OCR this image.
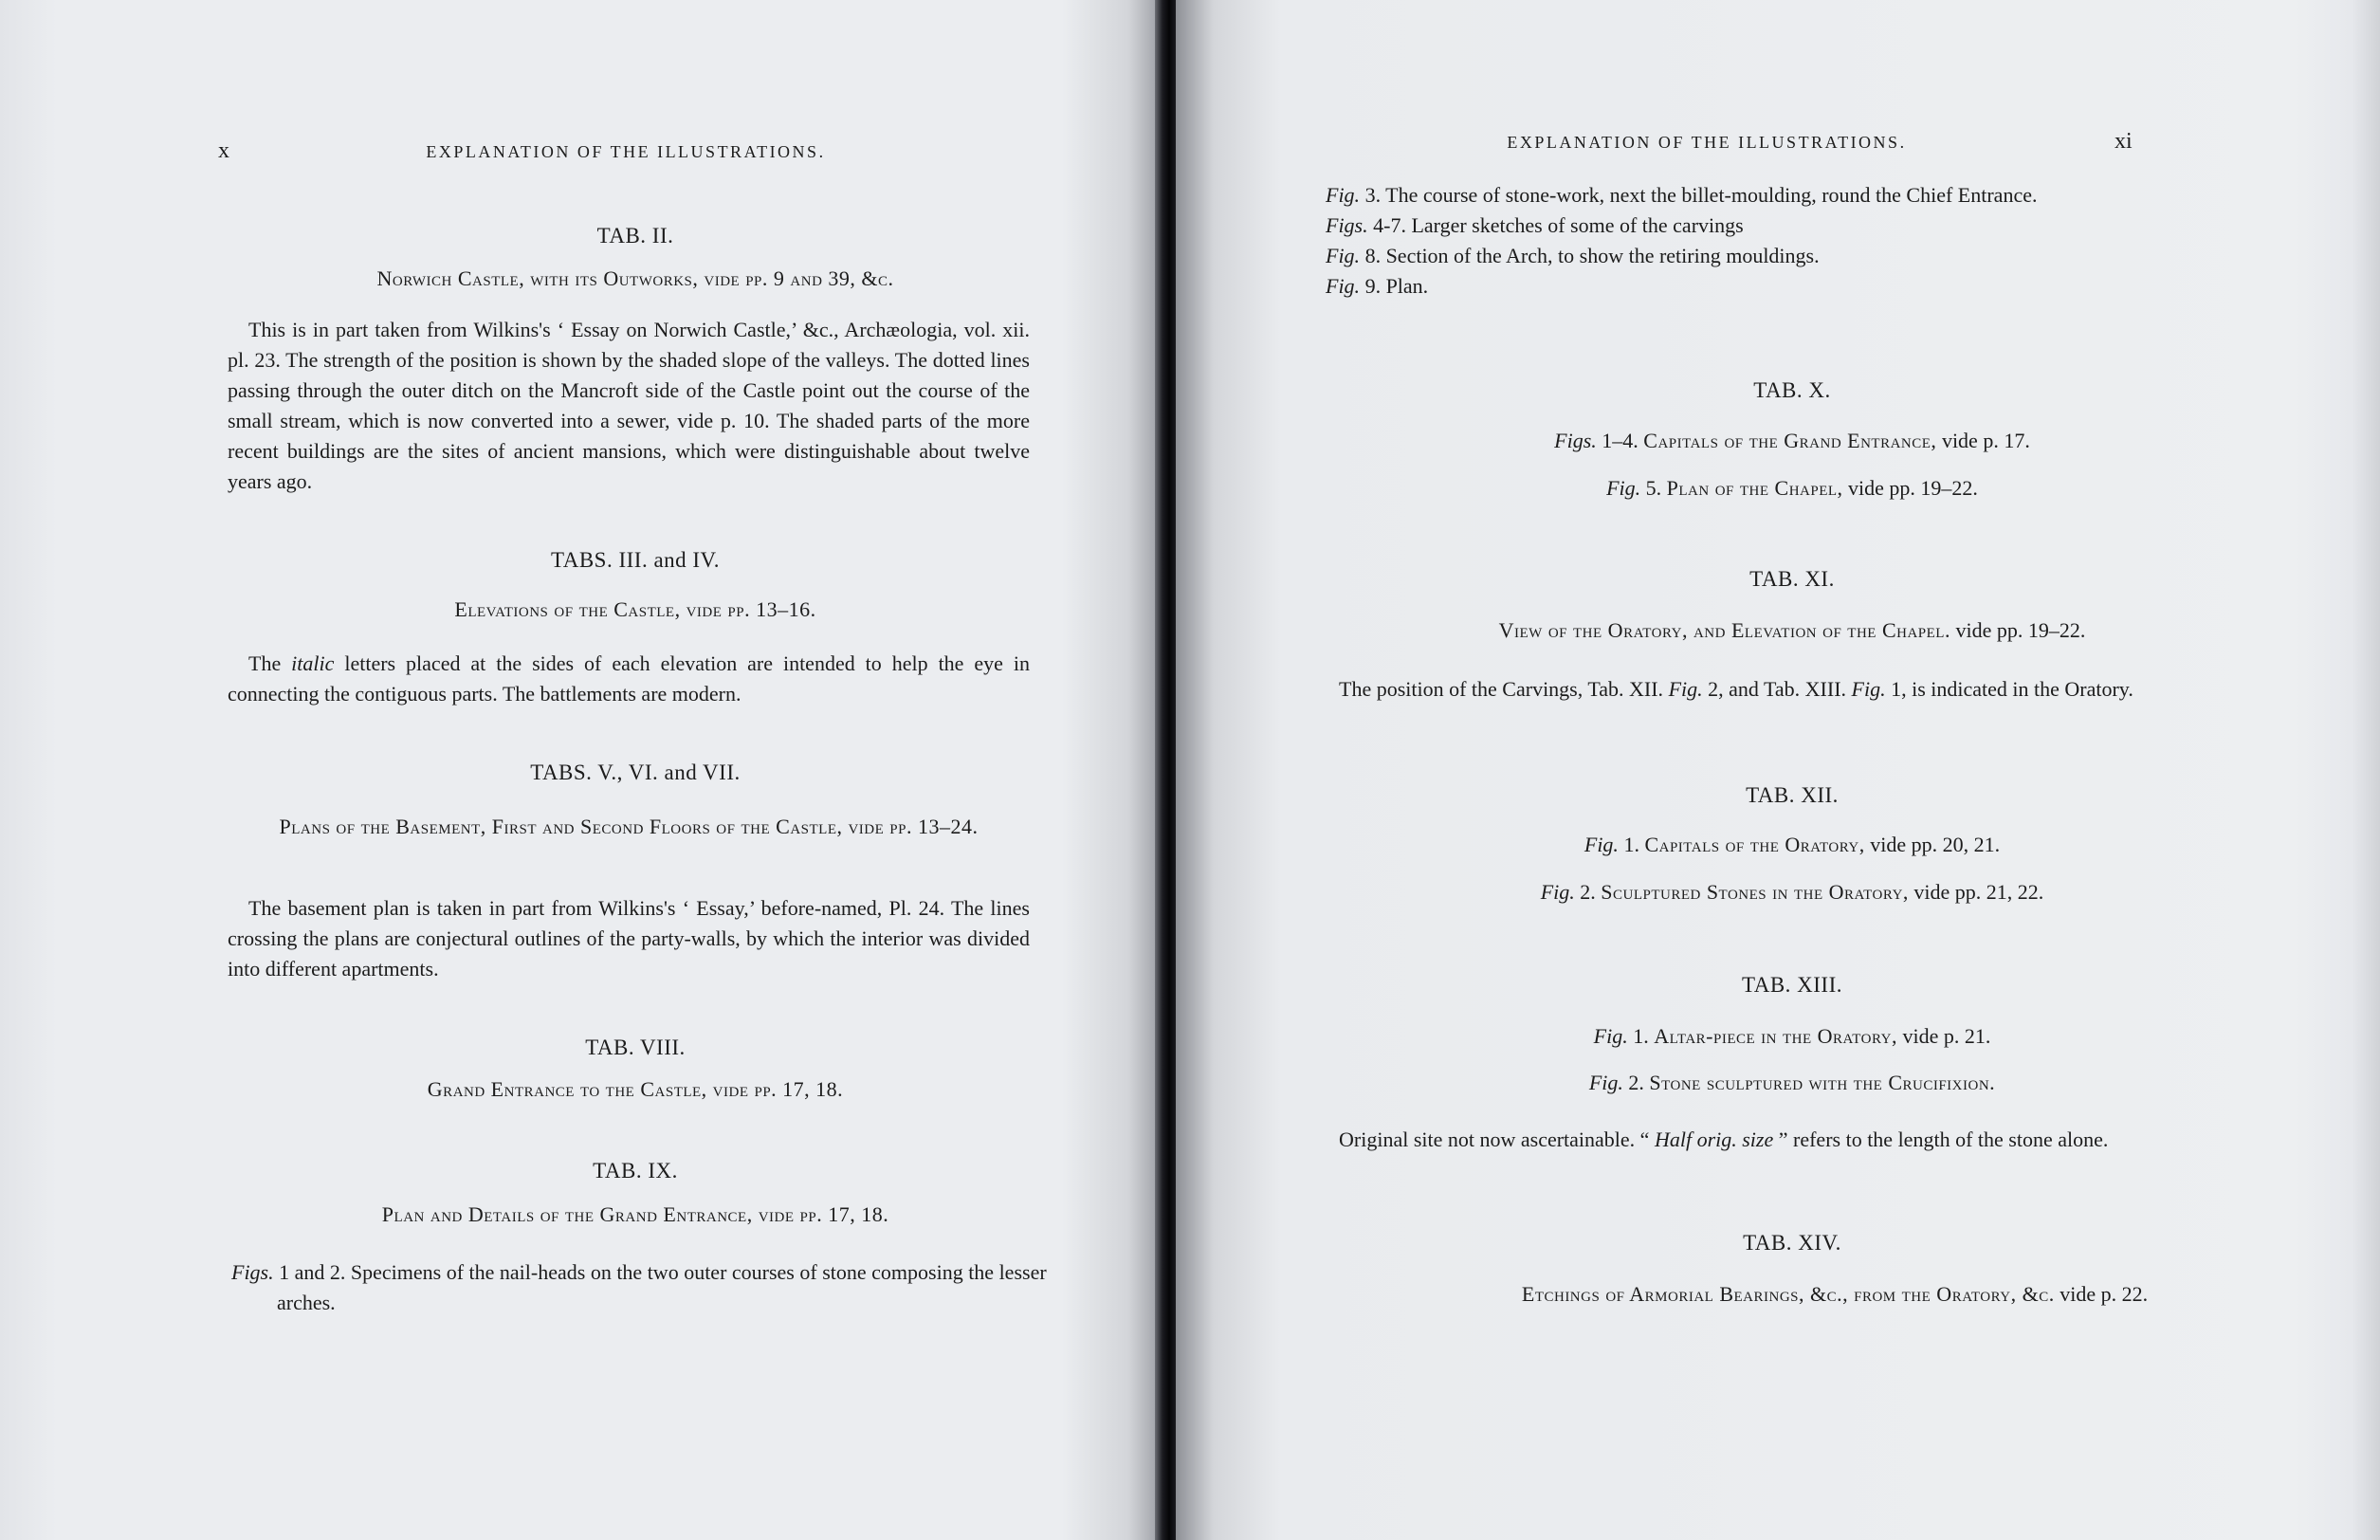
x	EXPLANATION OF THE ILLUSTRATIONS.
TAB. II.
Norwich Castle, with its Outworks, vide pp. 9 and 39, &c.
This is in part taken from Wilkins's ‘ Essay on Norwich Castle,’ &c., Archæologia, vol. xii. pl. 23. The strength of the position is shown by the shaded slope of the valleys. The dotted lines passing through the outer ditch on the Mancroft side of the Castle point out the course of the small stream, which is now converted into a sewer, vide p. 10. The shaded parts of the more recent buildings are the sites of ancient mansions, which were distinguishable about twelve years ago.
TABS. III. and IV.
Elevations of the Castle, vide pp. 13–16.
The italic letters placed at the sides of each elevation are intended to help the eye in connecting the contiguous parts. The battlements are modern.
TABS. V., VI. and VII.
Plans of the Basement, First and Second Floors of the Castle, vide pp. 13–24.
The basement plan is taken in part from Wilkins's ‘ Essay,’ before-named, Pl. 24. The lines crossing the plans are conjectural outlines of the party-walls, by which the interior was divided into different apartments.
TAB. VIII.
Grand Entrance to the Castle, vide pp. 17, 18.
TAB. IX.
Plan and Details of the Grand Entrance, vide pp. 17, 18.
Figs. 1 and 2. Specimens of the nail-heads on the two outer courses of stone composing the lesser arches.
EXPLANATION OF THE ILLUSTRATIONS.	xi
Fig. 3. The course of stone-work, next the billet-moulding, round the Chief Entrance.
Figs. 4-7. Larger sketches of some of the carvings
Fig. 8. Section of the Arch, to show the retiring mouldings.
Fig. 9. Plan.
TAB. X.
Figs. 1–4. Capitals of the Grand Entrance, vide p. 17.
Fig. 5. Plan of the Chapel, vide pp. 19–22.
TAB. XI.
View of the Oratory, and Elevation of the Chapel. vide pp. 19–22.
The position of the Carvings, Tab. XII. Fig. 2, and Tab. XIII. Fig. 1, is indicated in the Oratory.
TAB. XII.
Fig. 1. Capitals of the Oratory, vide pp. 20, 21.
Fig. 2. Sculptured Stones in the Oratory, vide pp. 21, 22.
TAB. XIII.
Fig. 1. Altar-piece in the Oratory, vide p. 21.
Fig. 2. Stone sculptured with the Crucifixion.
Original site not now ascertainable. “ Half orig. size ” refers to the length of the stone alone.
TAB. XIV.
Etchings of Armorial Bearings, &c., from the Oratory, &c. vide p. 22.
